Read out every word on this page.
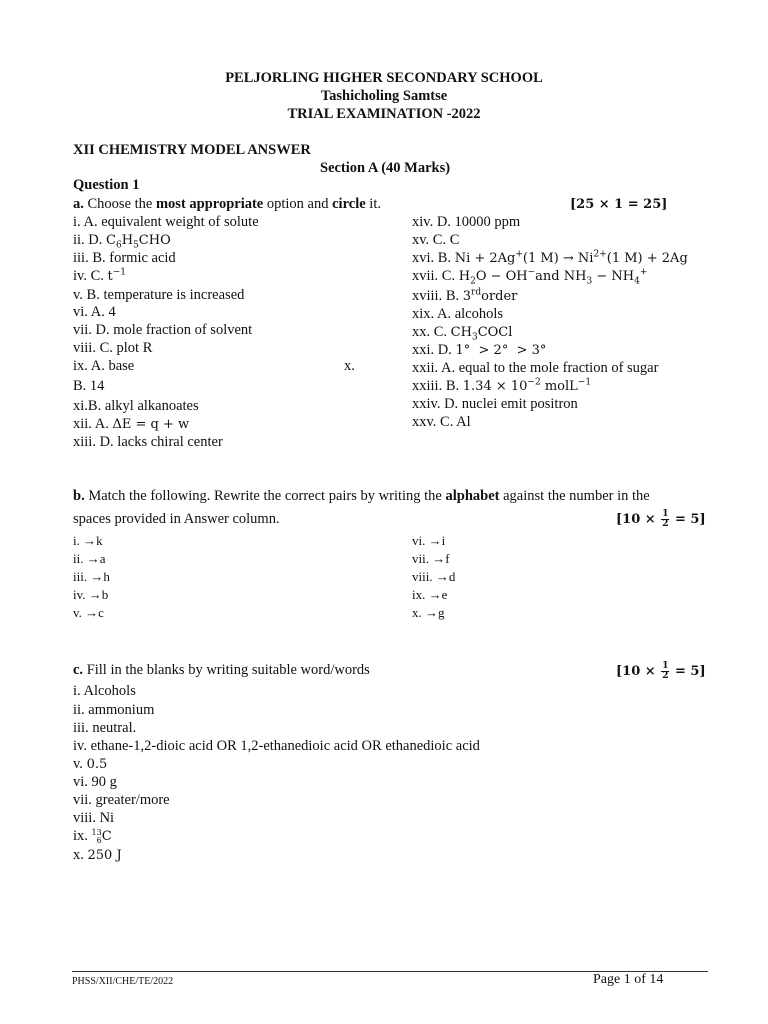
PELJORLING HIGHER SECONDARY SCHOOL
Tashicholing Samtse
TRIAL EXAMINATION -2022
XII CHEMISTRY MODEL ANSWER
Section A (40 Marks)
Question 1
a. Choose the most appropriate option and circle it.	[25 × 1 = 25]
i. A. equivalent weight of solute
ii. D. $C_6H_5CHO$
iii. B. formic acid
iv. C. $t^{-1}$
v. B. temperature is increased
vi. A. 4
vii. D. mole fraction of solvent
viii. C. plot R
ix. A. base	x.
B. 14
xi.B. alkyl alkanoates
xii. A. ΔE = q + w
xiii. D. lacks chiral center
xiv. D. 10000 ppm
xv. C. C
xvi. B. Ni + 2Ag+(1 $M) \to Ni^{2+}(1$ M) + 2Ag
xvii. C. $H_2O - OH^-and$ $NH_3 - NH_4^+$
xviii. B. 3rdorder
xix. A. alcohols
xx. C. $CH_3COCl$
xxi. D. 1°  > 2°  > 3°
xxii. A. equal to the mole fraction of sugar
xxiii. B. $1.34 \times 10^{-2}$ molL$^{-1}$
xxiv. D. nuclei emit positron
xxv. C. Al
b. Match the following. Rewrite the correct pairs by writing the alphabet against the number in the
spaces provided in Answer column.	$[10 \times \frac{1}{2} = 5]$
i. →k
ii. →a
iii. →h
iv. →b
v. →c
vi. →i
vii. →f
viii. →d
ix. →e
x. →g
c. Fill in the blanks by writing suitable word/words	$[10 \times \frac{1}{2} = 5]$
i. Alcohols
ii. ammonium
iii. neutral.
iv. ethane-1,2-dioic acid OR 1,2-ethanedioic acid OR ethanedioic acid
v. 0.5
vi. 90 g
vii. greater/more
viii. Ni
ix. 13
6C
x. 250 J
PHSS/XII/CHE/TE/2022	Page 1 of 14
